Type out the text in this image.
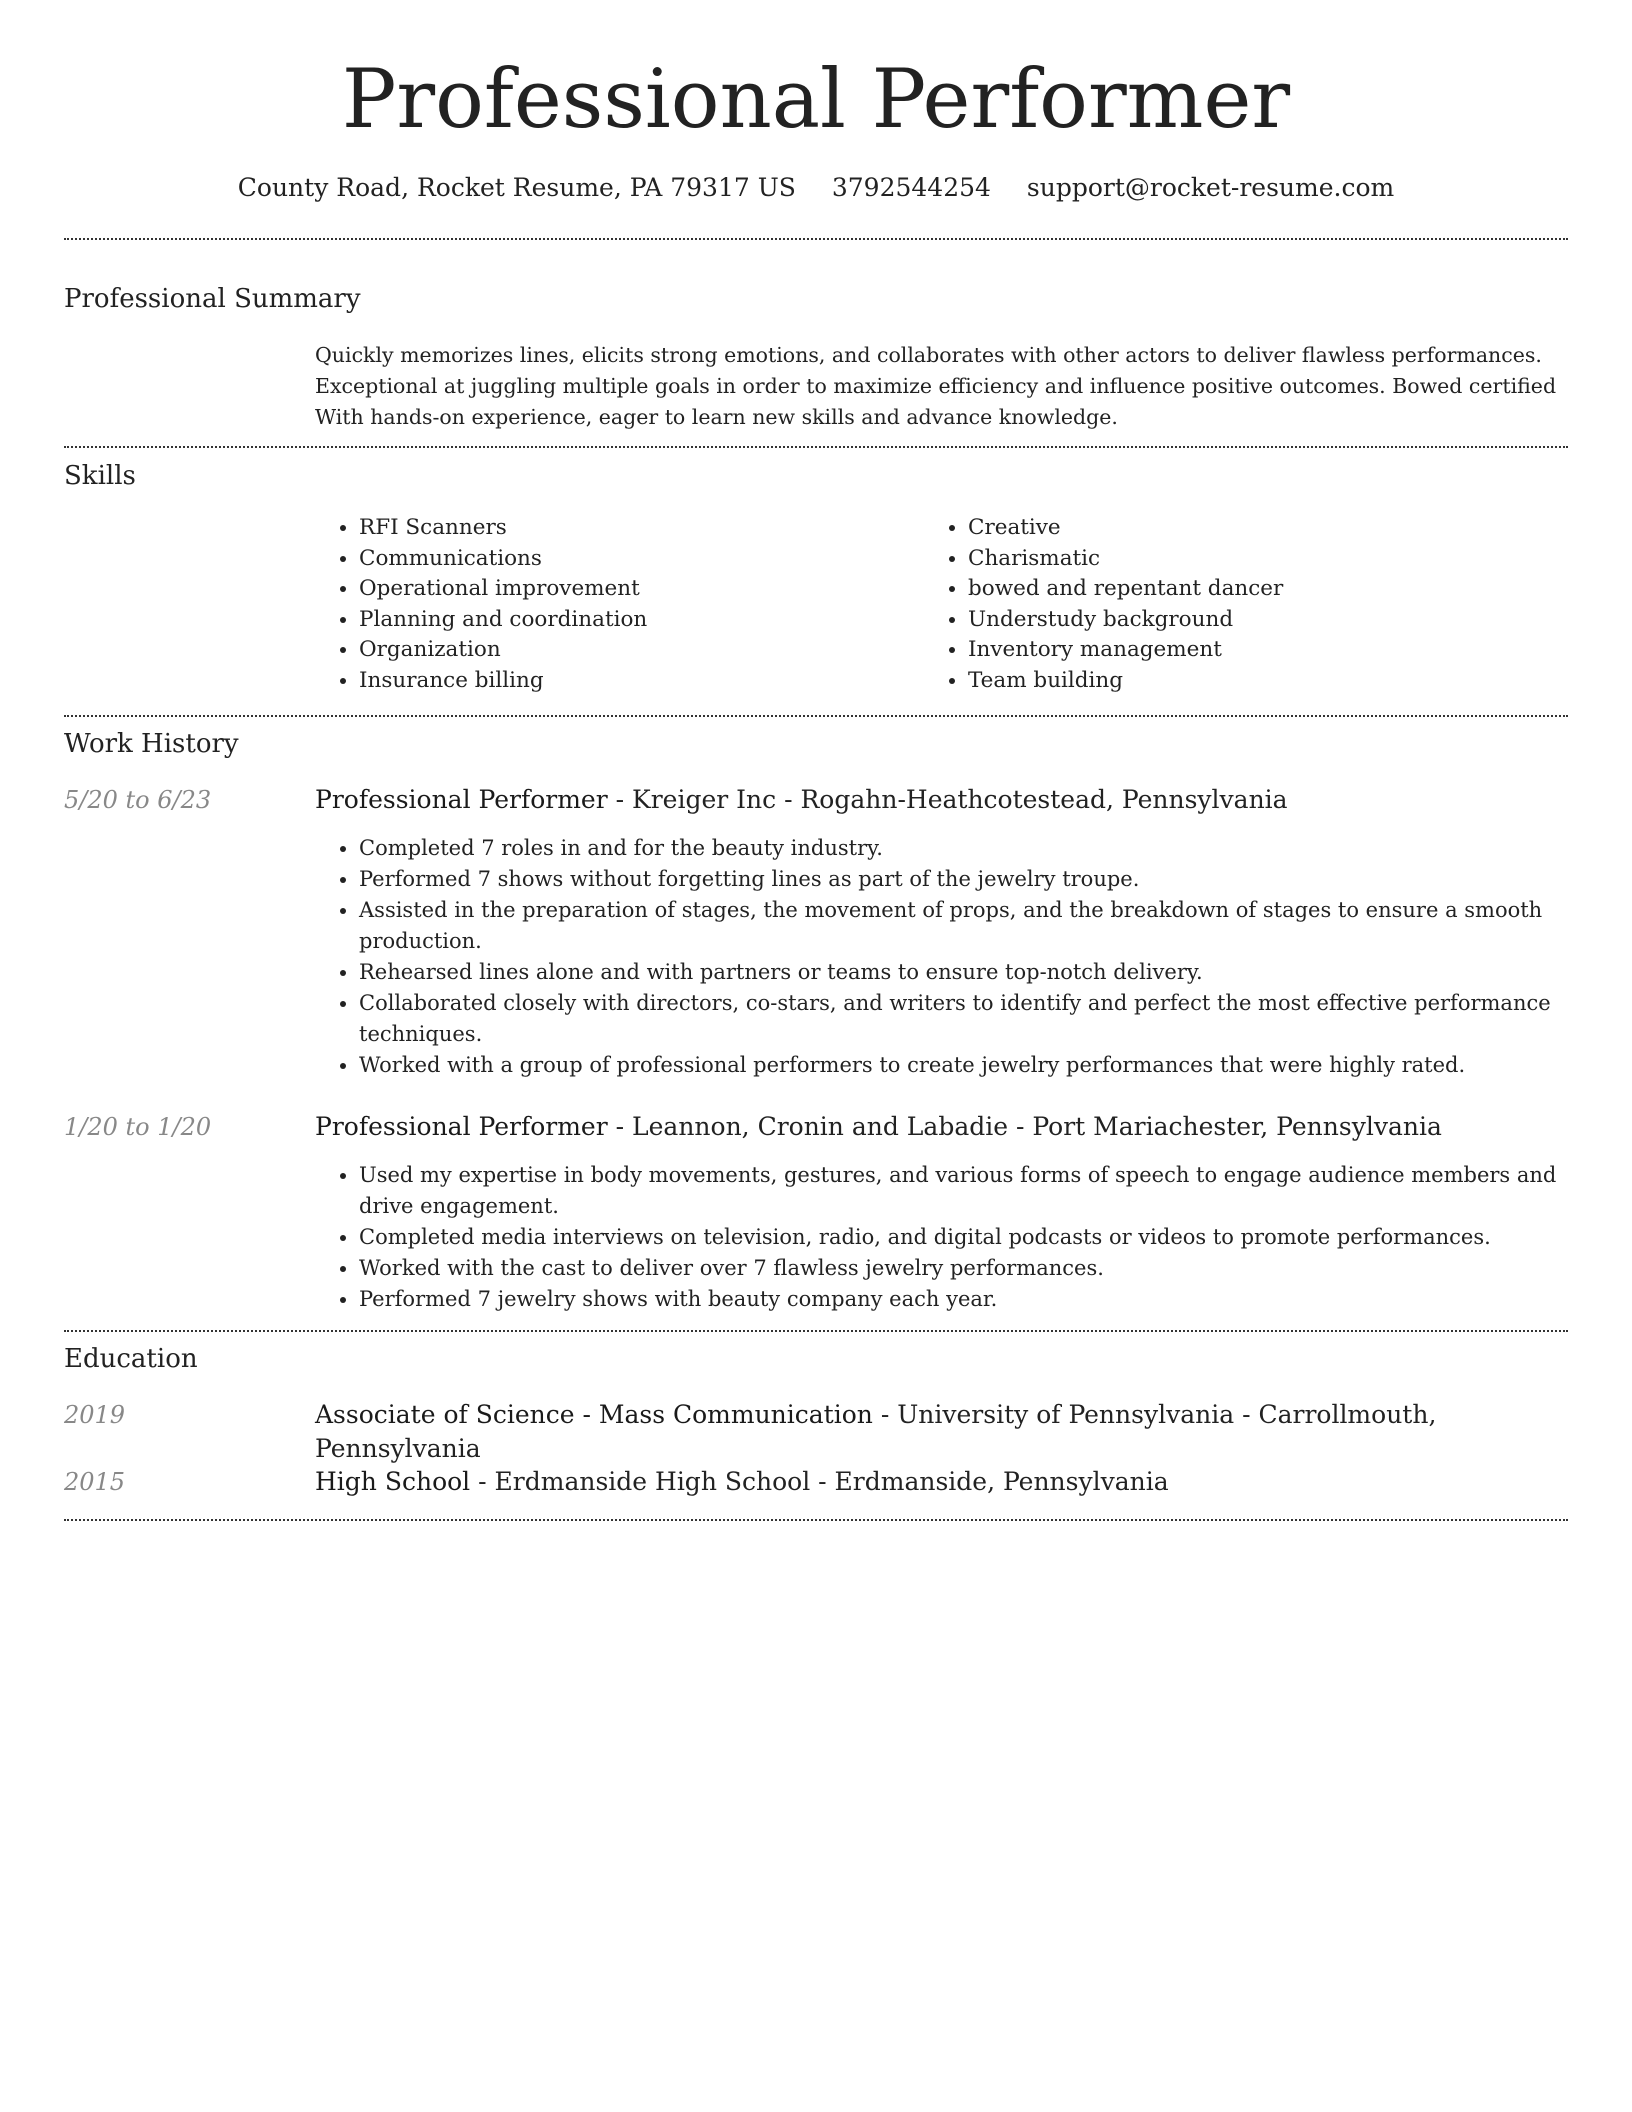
Professional Performer
County Road, Rocket Resume, PA 79317 US 3792544254 support@rocket-resume.com
Professional Summary
Quickly memorizes lines, elicits strong emotions, and collaborates with other actors to deliver flawless performances. Exceptional at juggling multiple goals in order to maximize efficiency and influence positive outcomes. Bowed certified With hands-on experience, eager to learn new skills and advance knowledge.
Skills
• RFI Scanners
• Communications
• Operational improvement
• Planning and coordination
• Organization
• Insurance billing
• Creative
• Charismatic
• bowed and repentant dancer
• Understudy background
• Inventory management
• Team building
Work History
5/20 to 6/23	Professional Performer - Kreiger Inc - Rogahn-Heathcotestead, Pennsylvania
• Completed 7 roles in and for the beauty industry.
• Performed 7 shows without forgetting lines as part of the jewelry troupe.
• Assisted in the preparation of stages, the movement of props, and the breakdown of stages to ensure a smooth production.
• Rehearsed lines alone and with partners or teams to ensure top-notch delivery.
• Collaborated closely with directors, co-stars, and writers to identify and perfect the most effective performance techniques.
• Worked with a group of professional performers to create jewelry performances that were highly rated.
1/20 to 1/20	Professional Performer - Leannon, Cronin and Labadie - Port Mariachester, Pennsylvania
• Used my expertise in body movements, gestures, and various forms of speech to engage audience members and drive engagement.
• Completed media interviews on television, radio, and digital podcasts or videos to promote performances.
• Worked with the cast to deliver over 7 flawless jewelry performances.
• Performed 7 jewelry shows with beauty company each year.
Education
2019	Associate of Science - Mass Communication - University of Pennsylvania - Carrollmouth, Pennsylvania
2015	High School - Erdmanside High School - Erdmanside, Pennsylvania
